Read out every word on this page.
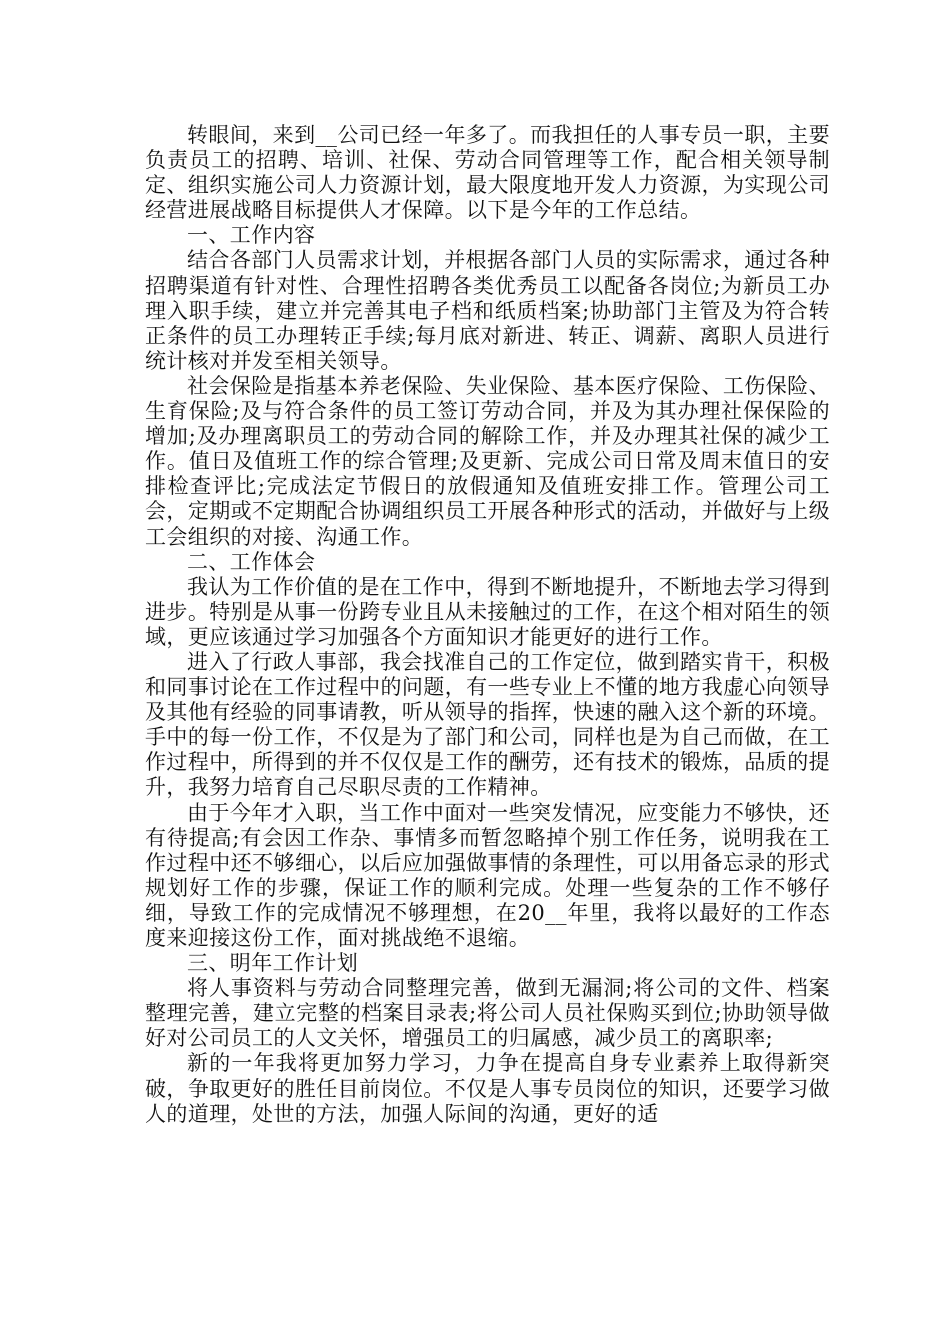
转眼间，来到__公司已经一年多了。而我担任的人事专员一职，主要负责员工的招聘、培训、社保、劳动合同管理等工作，配合相关领导制定、组织实施公司人力资源计划，最大限度地开发人力资源，为实现公司经营进展战略目标提供人才保障。以下是今年的工作总结。

一、工作内容

结合各部门人员需求计划，并根据各部门人员的实际需求，通过各种招聘渠道有针对性、合理性招聘各类优秀员工以配备各岗位;为新员工办理入职手续，建立并完善其电子档和纸质档案;协助部门主管及为符合转正条件的员工办理转正手续;每月底对新进、转正、调薪、离职人员进行统计核对并发至相关领导。

社会保险是指基本养老保险、失业保险、基本医疗保险、工伤保险、生育保险;及与符合条件的员工签订劳动合同，并及为其办理社保保险的增加;及办理离职员工的劳动合同的解除工作，并及办理其社保的减少工作。值日及值班工作的综合管理;及更新、完成公司日常及周末值日的安排检查评比;完成法定节假日的放假通知及值班安排工作。管理公司工会，定期或不定期配合协调组织员工开展各种形式的活动，并做好与上级工会组织的对接、沟通工作。

二、工作体会

我认为工作价值的是在工作中，得到不断地提升，不断地去学习得到进步。特别是从事一份跨专业且从未接触过的工作，在这个相对陌生的领域，更应该通过学习加强各个方面知识才能更好的进行工作。

进入了行政人事部，我会找准自己的工作定位，做到踏实肯干，积极和同事讨论在工作过程中的问题，有一些专业上不懂的地方我虚心向领导及其他有经验的同事请教，听从领导的指挥，快速的融入这个新的环境。手中的每一份工作，不仅是为了部门和公司，同样也是为自己而做，在工作过程中，所得到的并不仅仅是工作的酬劳，还有技术的锻炼，品质的提升，我努力培育自己尽职尽责的工作精神。

由于今年才入职，当工作中面对一些突发情况，应变能力不够快，还有待提高;有会因工作杂、事情多而暂忽略掉个别工作任务，说明我在工作过程中还不够细心，以后应加强做事情的条理性，可以用备忘录的形式规划好工作的步骤，保证工作的顺利完成。处理一些复杂的工作不够仔细，导致工作的完成情况不够理想，在20__年里，我将以最好的工作态度来迎接这份工作，面对挑战绝不退缩。

三、明年工作计划

将人事资料与劳动合同整理完善，做到无漏洞;将公司的文件、档案整理完善，建立完整的档案目录表;将公司人员社保购买到位;协助领导做好对公司员工的人文关怀，增强员工的归属感，减少员工的离职率;

新的一年我将更加努力学习，力争在提高自身专业素养上取得新突破，争取更好的胜任目前岗位。不仅是人事专员岗位的知识，还要学习做人的道理，处世的方法，加强人际间的沟通，更好的适
